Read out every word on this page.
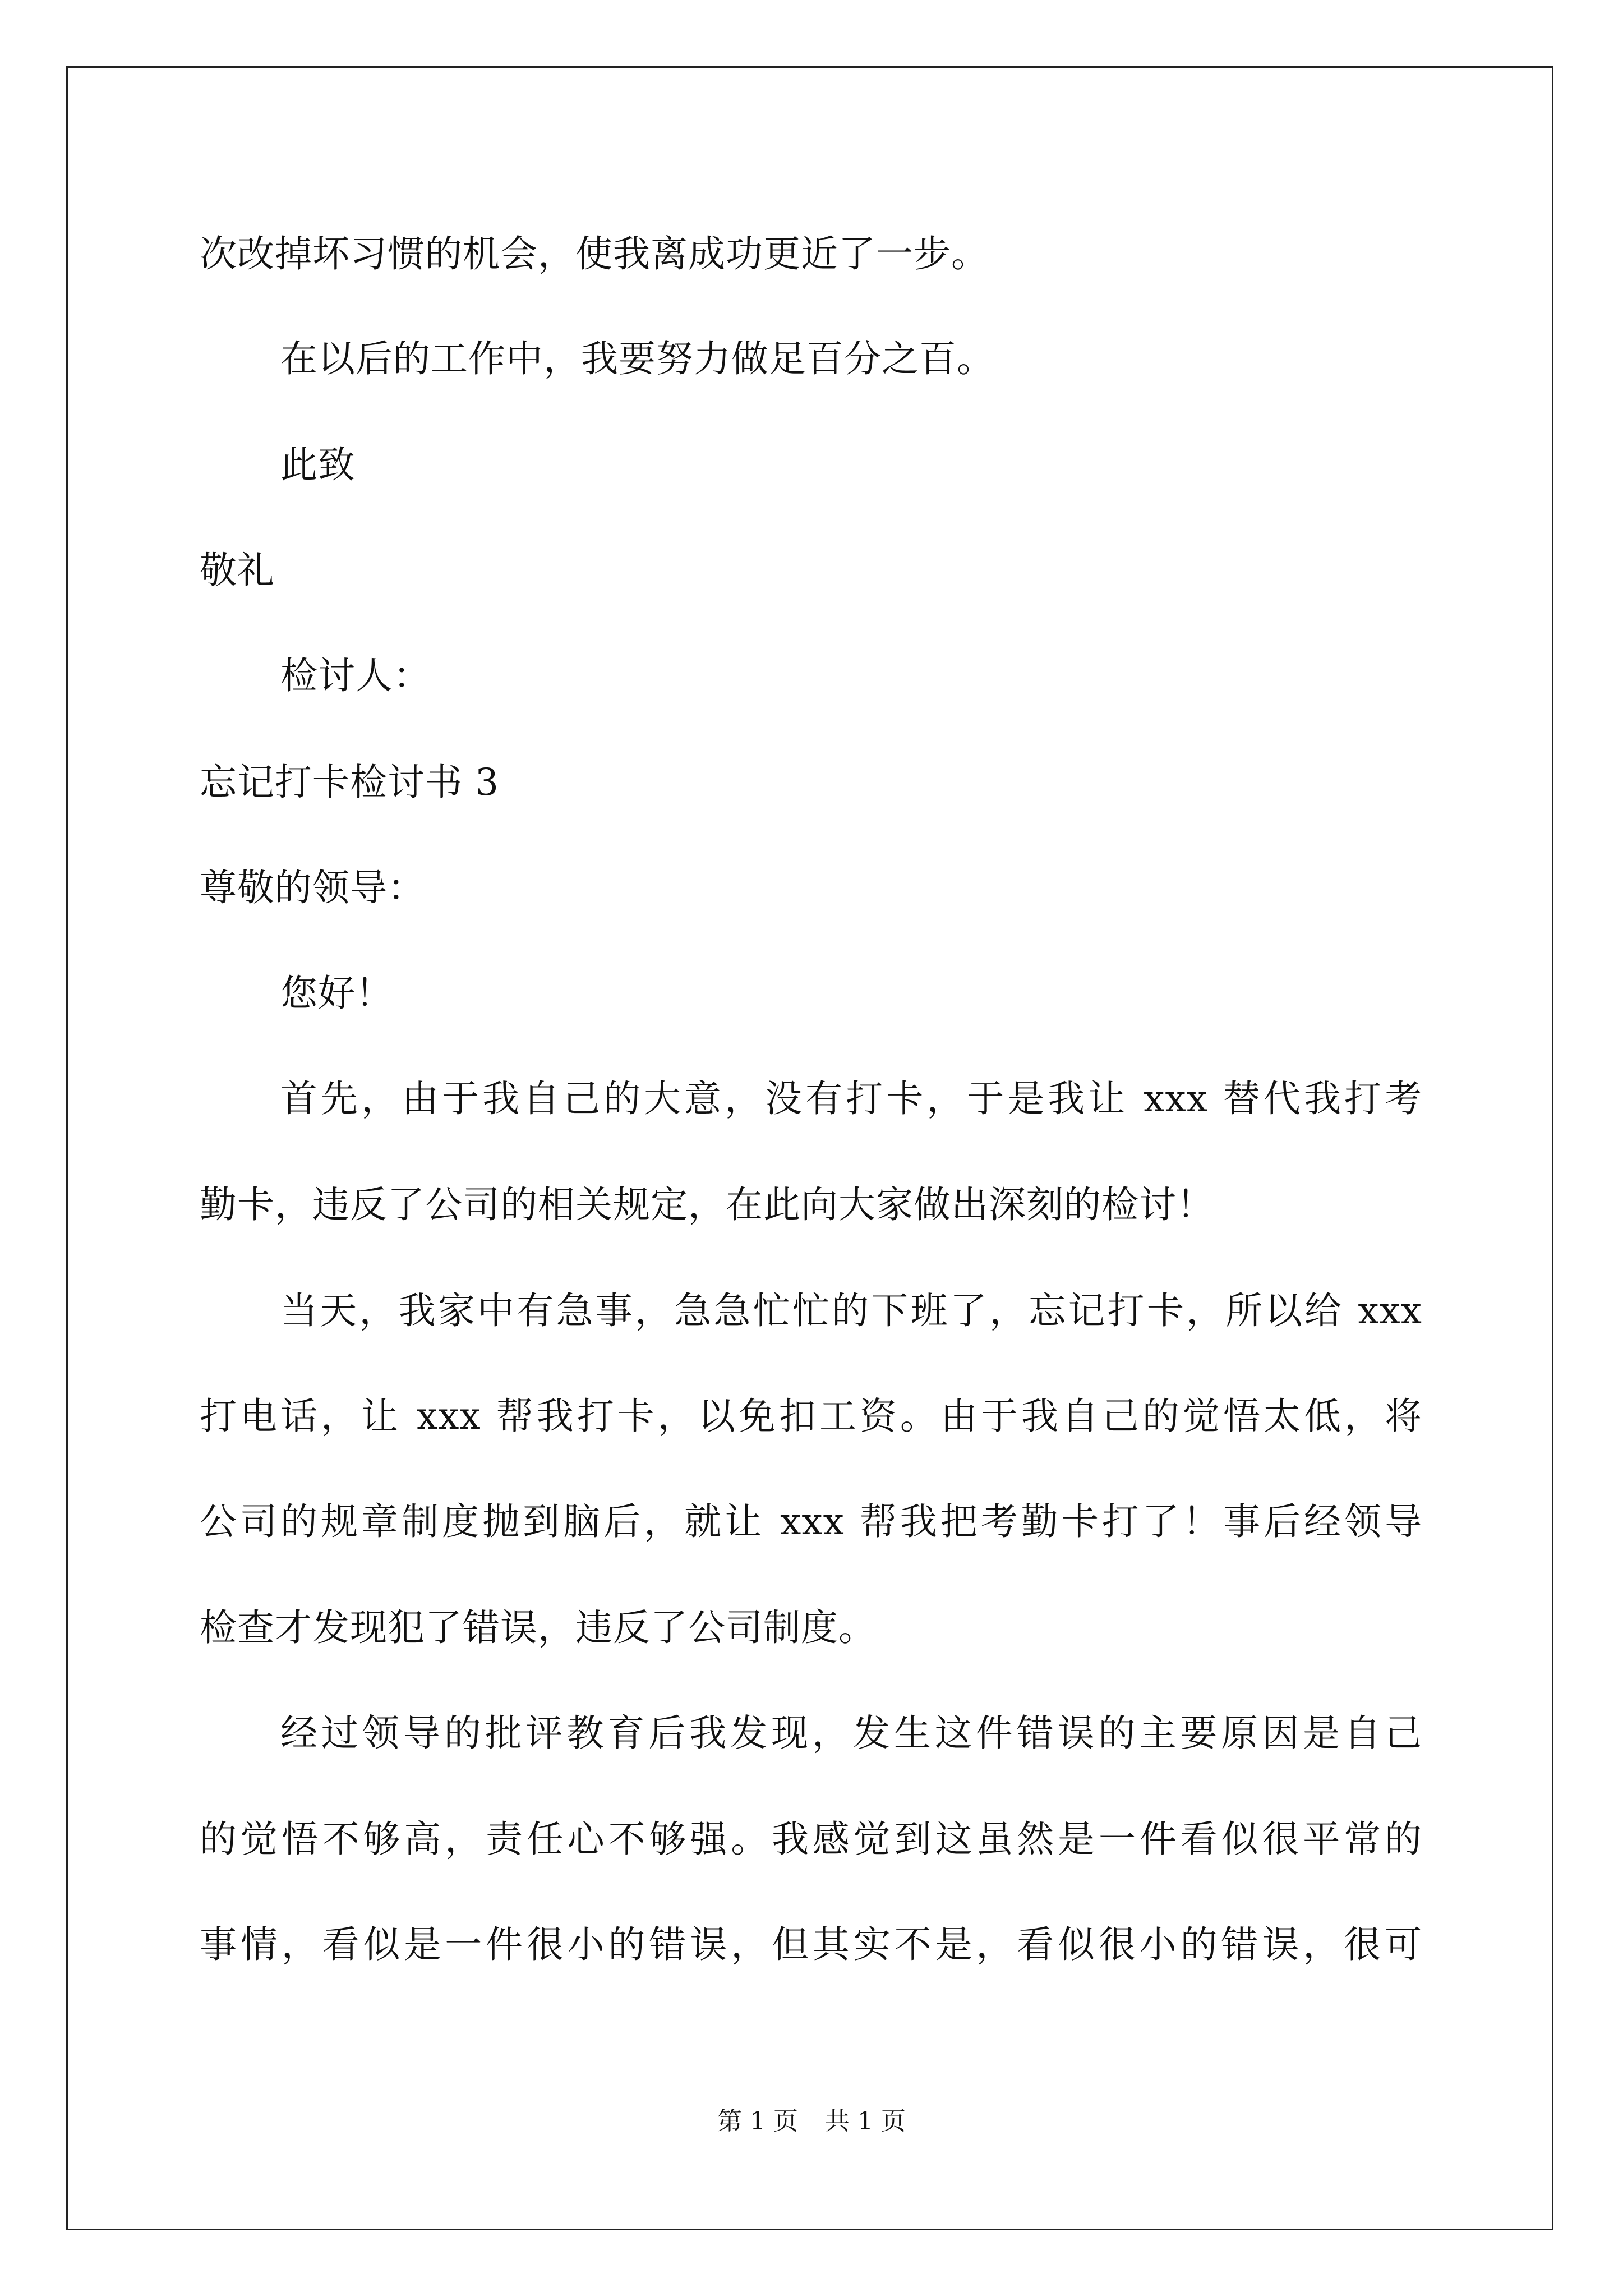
次改掉坏习惯的机会，使我离成功更近了一步。
在以后的工作中，我要努力做足百分之百。
此致
敬礼
检讨人：
忘记打卡检讨书 3
尊敬的领导：
您好！
首先，由于我自己的大意，没有打卡，于是我让 xxx 替代我打考
勤卡，违反了公司的相关规定，在此向大家做出深刻的检讨！
当天，我家中有急事，急急忙忙的下班了，忘记打卡，所以给 xxx
打电话，让 xxx 帮我打卡，以免扣工资。由于我自己的觉悟太低，将
公司的规章制度抛到脑后，就让 xxx 帮我把考勤卡打了！事后经领导
检查才发现犯了错误，违反了公司制度。
经过领导的批评教育后我发现，发生这件错误的主要原因是自己
的觉悟不够高，责任心不够强。我感觉到这虽然是一件看似很平常的
事情，看似是一件很小的错误，但其实不是，看似很小的错误，很可
第 1 页 共 1 页
